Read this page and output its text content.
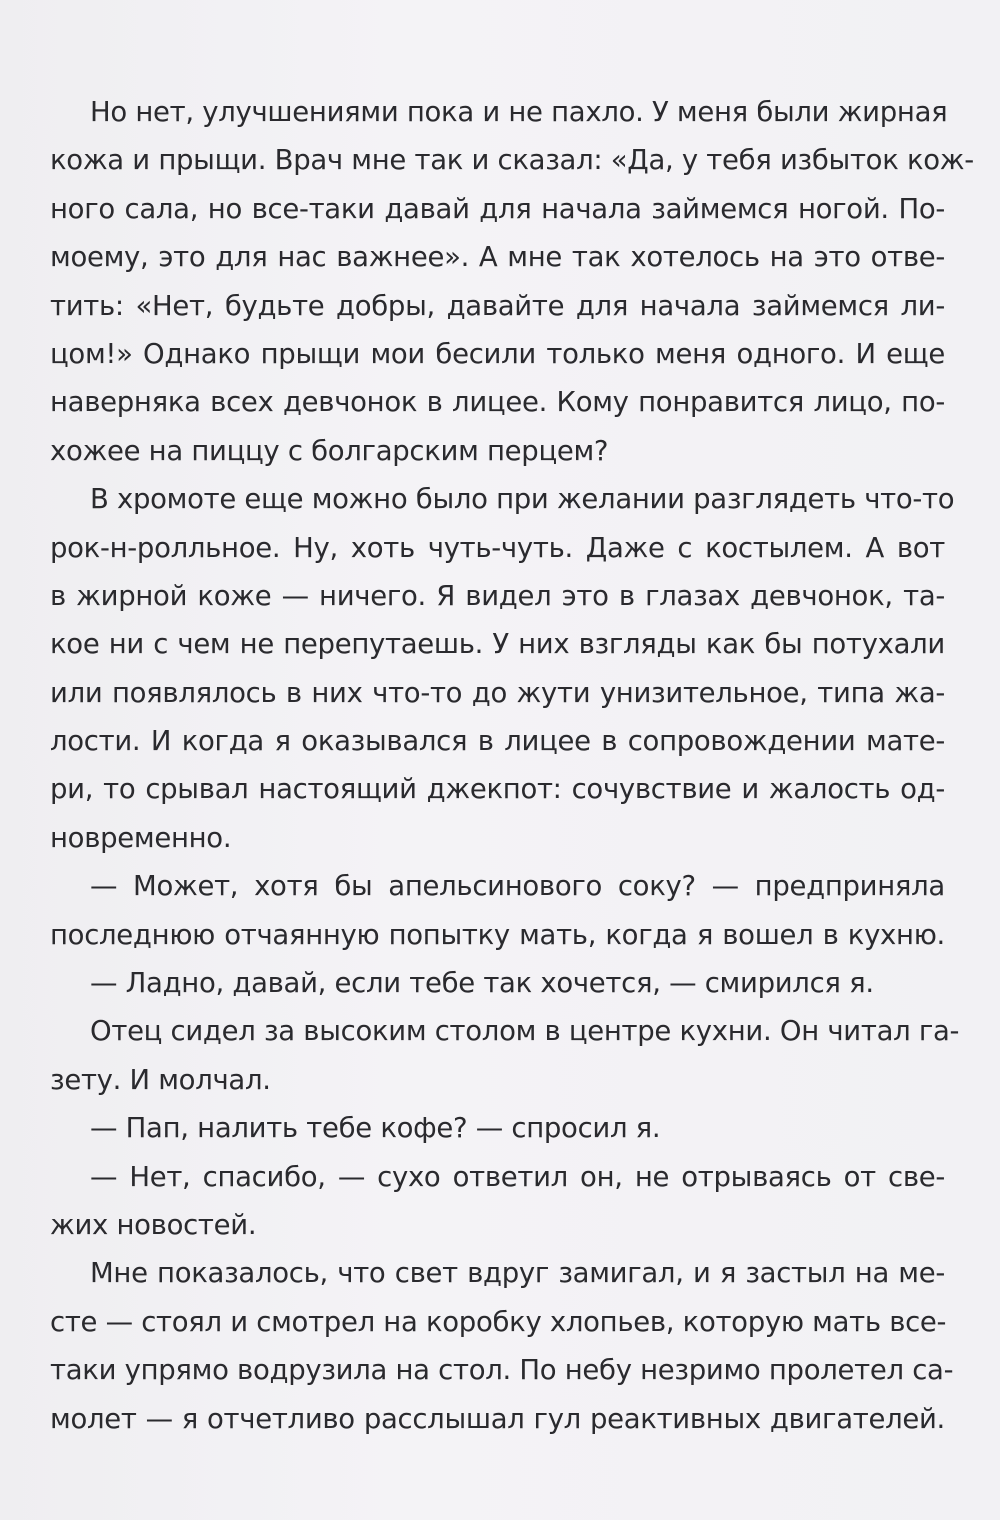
Но нет, улучшениями пока и не пахло. У меня были жирная
кожа и прыщи. Врач мне так и сказал: «Да, у тебя избыток кож-
ного сала, но все-таки давай для начала займемся ногой. По-
моему, это для нас важнее». А мне так хотелось на это отве-
тить: «Нет, будьте добры, давайте для начала займемся ли-
цом!» Однако прыщи мои бесили только меня одного. И еще
наверняка всех девчонок в лицее. Кому понравится лицо, по-
хожее на пиццу с болгарским перцем?
В хромоте еще можно было при желании разглядеть что-то
рок-н-ролльное. Ну, хоть чуть-чуть. Даже с костылем. А вот
в жирной коже — ничего. Я видел это в глазах девчонок, та-
кое ни с чем не перепутаешь. У них взгляды как бы потухали
или появлялось в них что-то до жути унизительное, типа жа-
лости. И когда я оказывался в лицее в сопровождении мате-
ри, то срывал настоящий джекпот: сочувствие и жалость од-
новременно.
— Может, хотя бы апельсинового соку? — предприняла
последнюю отчаянную попытку мать, когда я вошел в кухню.
— Ладно, давай, если тебе так хочется, — смирился я.
Отец сидел за высоким столом в центре кухни. Он читал га-
зету. И молчал.
— Пап, налить тебе кофе? — спросил я.
— Нет, спасибо, — сухо ответил он, не отрываясь от све-
жих новостей.
Мне показалось, что свет вдруг замигал, и я застыл на ме-
сте — стоял и смотрел на коробку хлопьев, которую мать все-
таки упрямо водрузила на стол. По небу незримо пролетел са-
молет — я отчетливо расслышал гул реактивных двигателей.
